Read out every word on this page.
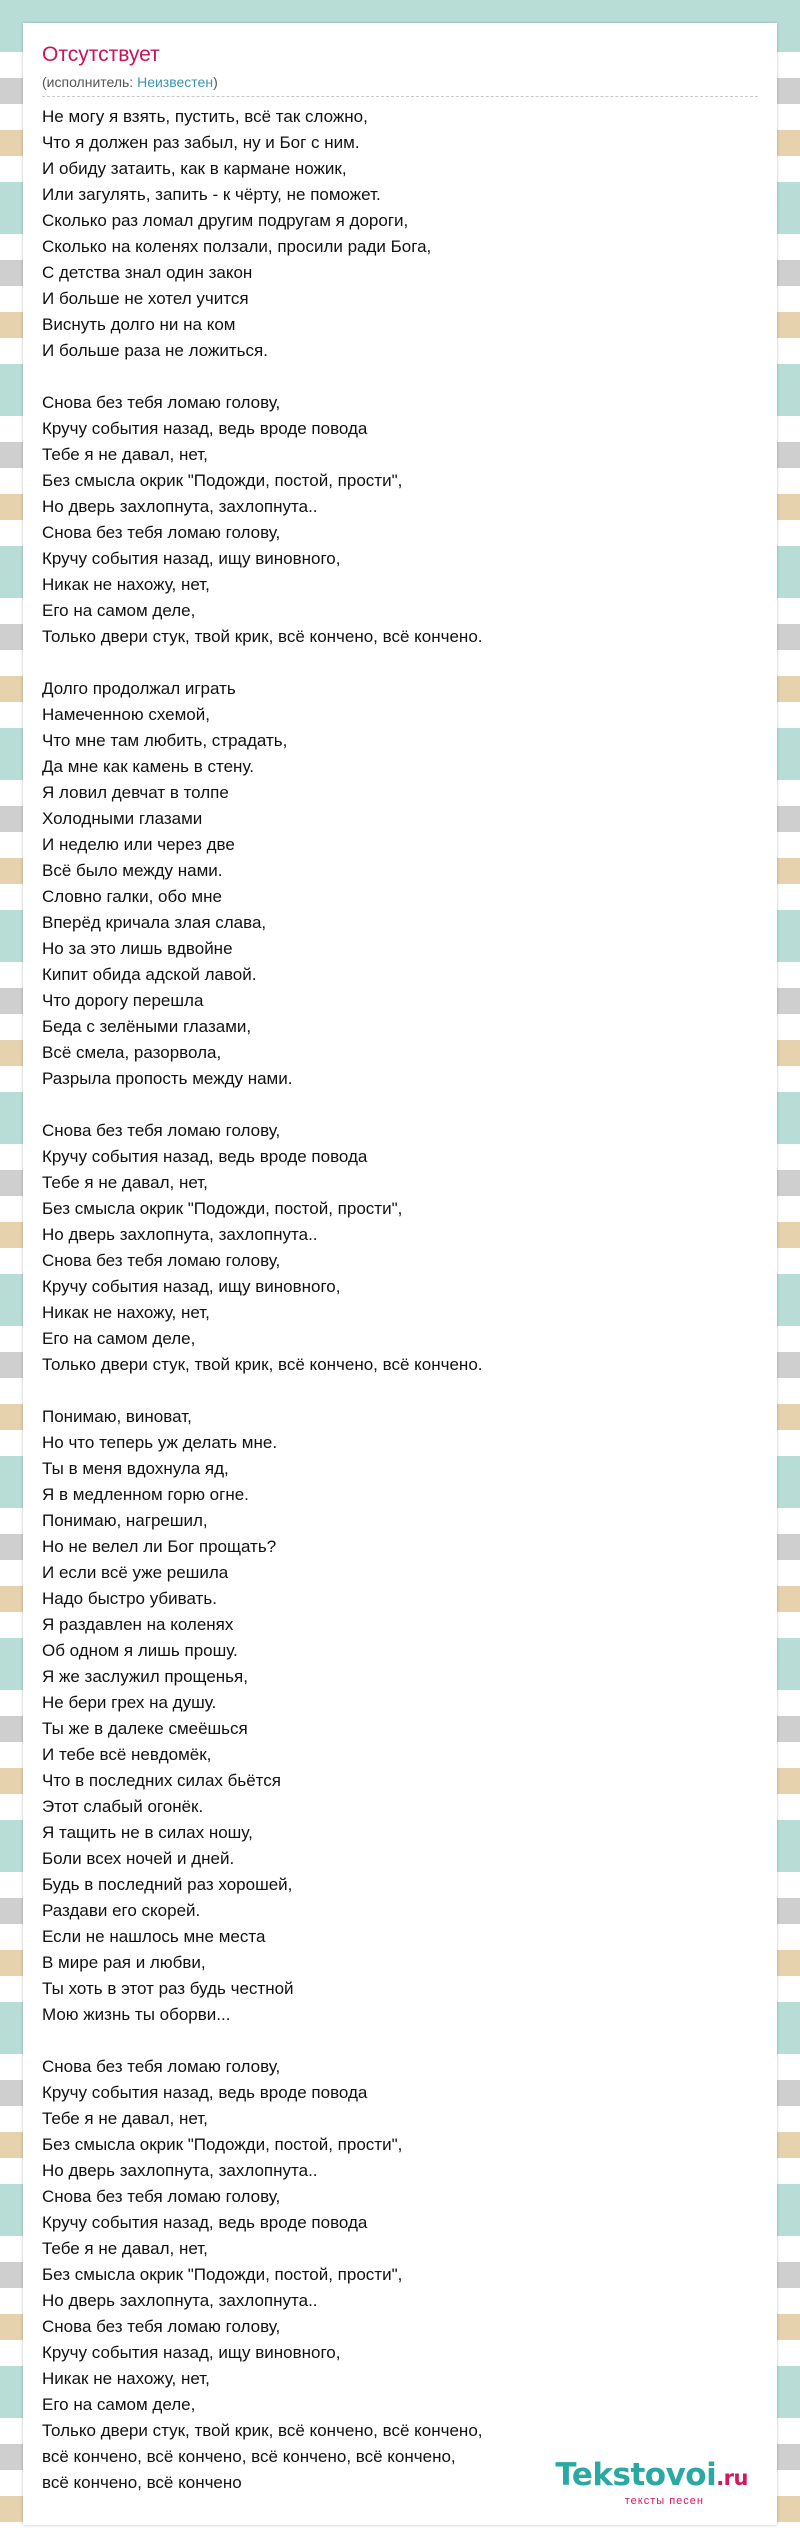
Отсутствует
(исполнитель: Неизвестен)
Не могу я взять, пустить, всё так сложно,
Что я должен раз забыл, ну и Бог с ним.
И обиду затаить, как в кармане ножик,
Или загулять, запить - к чёрту, не поможет.
Сколько раз ломал другим подругам я дороги,
Сколько на коленях ползали, просили ради Бога,
С детства знал один закон
И больше не хотел учится
Виснуть долго ни на ком
И больше раза не ложиться.
Снова без тебя ломаю голову,
Кручу события назад, ведь вроде повода
Тебе я не давал, нет,
Без смысла окрик "Подожди, постой, прости",
Но дверь захлопнута, захлопнута..
Снова без тебя ломаю голову,
Кручу события назад, ищу виновного,
Никак не нахожу, нет,
Его на самом деле,
Только двери стук, твой крик, всё кончено, всё кончено.
Долго продолжал играть
Намеченною схемой,
Что мне там любить, страдать,
Да мне как камень в стену.
Я ловил девчат в толпе
Холодными глазами
И неделю или через две
Всё было между нами.
Словно галки, обо мне
Вперёд кричала злая слава,
Но за это лишь вдвойне
Кипит обида адской лавой.
Что дорогу перешла
Беда с зелёными глазами,
Всё смела, разорвола,
Разрыла пропость между нами.
Снова без тебя ломаю голову,
Кручу события назад, ведь вроде повода
Тебе я не давал, нет,
Без смысла окрик "Подожди, постой, прости",
Но дверь захлопнута, захлопнута..
Снова без тебя ломаю голову,
Кручу события назад, ищу виновного,
Никак не нахожу, нет,
Его на самом деле,
Только двери стук, твой крик, всё кончено, всё кончено.
Понимаю, виноват,
Но что теперь уж делать мне.
Ты в меня вдохнула яд,
Я в медленном горю огне.
Понимаю, нагрешил,
Но не велел ли Бог прощать?
И если всё уже решила
Надо быстро убивать.
Я раздавлен на коленях
Об одном я лишь прошу.
Я же заслужил прощенья,
Не бери грех на душу.
Ты же в далеке смеёшься
И тебе всё невдомёк,
Что в последних силах бьётся
Этот слабый огонёк.
Я тащить не в силах ношу,
Боли всех ночей и дней.
Будь в последний раз хорошей,
Раздави его скорей.
Если не нашлось мне места
В мире рая и любви,
Ты хоть в этот раз будь честной
Мою жизнь ты оборви...
Снова без тебя ломаю голову,
Кручу события назад, ведь вроде повода
Тебе я не давал, нет,
Без смысла окрик "Подожди, постой, прости",
Но дверь захлопнута, захлопнута..
Снова без тебя ломаю голову,
Кручу события назад, ведь вроде повода
Тебе я не давал, нет,
Без смысла окрик "Подожди, постой, прости",
Но дверь захлопнута, захлопнута..
Снова без тебя ломаю голову,
Кручу события назад, ищу виновного,
Никак не нахожу, нет,
Его на самом деле,
Только двери стук, твой крик, всё кончено, всё кончено,
всё кончено, всё кончено, всё кончено, всё кончено,
всё кончено, всё кончено	Tekstovoi.ru
тексты песен
